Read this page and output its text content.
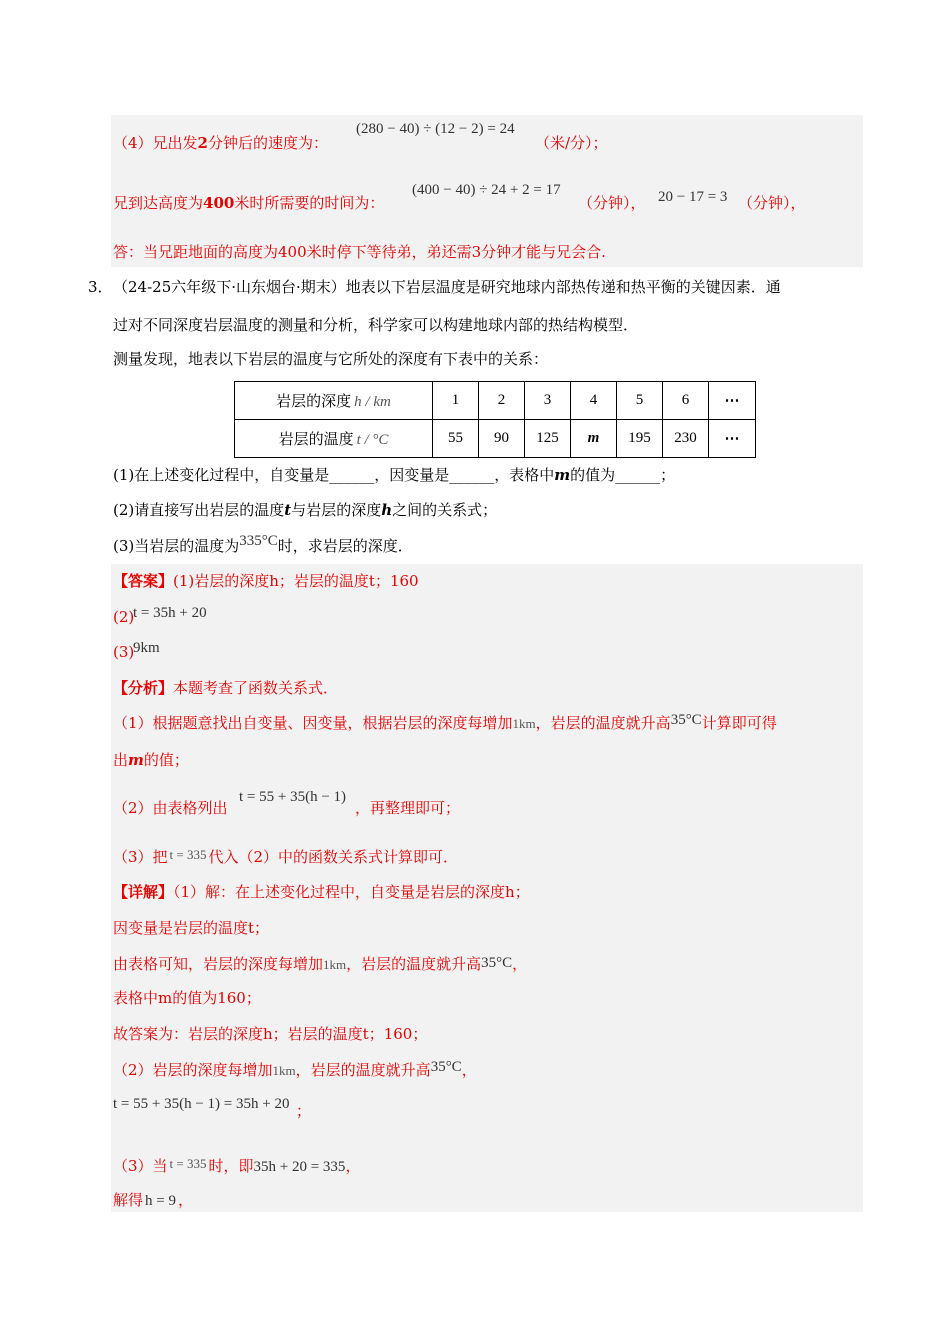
（4）兄出发2分钟后的速度为：
(280 − 40) ÷ (12 − 2) = 24
（米/分）；
兄到达高度为400米时所需要的时间为：
(400 − 40) ÷ 24 + 2 = 17
（分钟）， 20 − 17 = 3 （分钟），
答：当兄距地面的高度为400米时停下等待弟，弟还需3分钟才能与兄会合.
3． （24-25六年级下·山东烟台·期末）地表以下岩层温度是研究地球内部热传递和热平衡的关键因素．通
过对不同深度岩层温度的测量和分析，科学家可以构建地球内部的热结构模型．
测量发现，地表以下岩层的温度与它所处的深度有下表中的关系：
岩层的深度 h / km	1	2	3	4	5	6	⋯
岩层的温度 t / °C	55	90	125	m	195	230	⋯
(1)在上述变化过程中，自变量是______，因变量是______，表格中m的值为______；
(2)请直接写出岩层的温度t与岩层的深度h之间的关系式；
(3)当岩层的温度为335°C时，求岩层的深度．
【答案】(1)岩层的深度h；岩层的温度t；160
(2)
t = 35h + 20
(3)
9km
【分析】本题考查了函数关系式．
（1）根据题意找出自变量、因变量，根据岩层的深度每增加1km，岩层的温度就升高35°C计算即可得
出m的值；
（2）由表格列出
t = 55 + 35(h − 1)
，再整理即可；
（3）把 t = 335 代入（2）中的函数关系式计算即可．
【详解】（1）解：在上述变化过程中，自变量是岩层的深度h；
因变量是岩层的温度t；
由表格可知，岩层的深度每增加1km，岩层的温度就升高35°C，
表格中m的值为160；
故答案为：岩层的深度h；岩层的温度t；160；
（2）岩层的深度每增加1km，岩层的温度就升高35°C，
t = 55 + 35(h − 1) = 35h + 20 ；
（3）当 t = 335 时，即35h + 20 = 335，
解得 h = 9 ，
